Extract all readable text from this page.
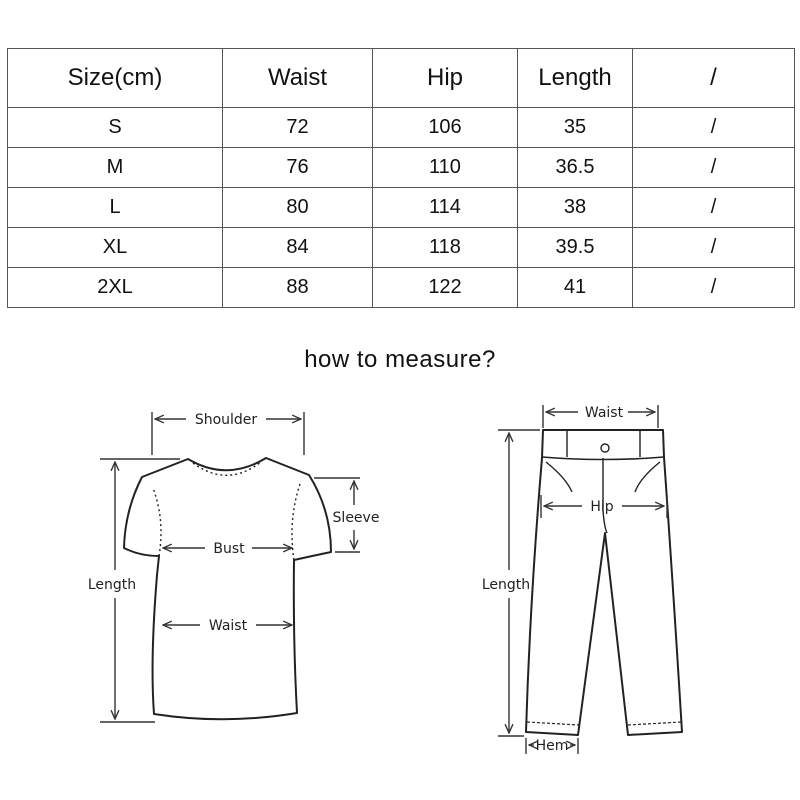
Size(cm)	Waist	Hip	Length	/
S	72	106	35	/
M	76	110	36.5	/
L	80	114	38	/
XL	84	118	39.5	/
2XL	88	122	41	/
how to measure?
Shoulder
Sleeve
Bust
Waist
Length
Waist
Hip
Length
Hem
